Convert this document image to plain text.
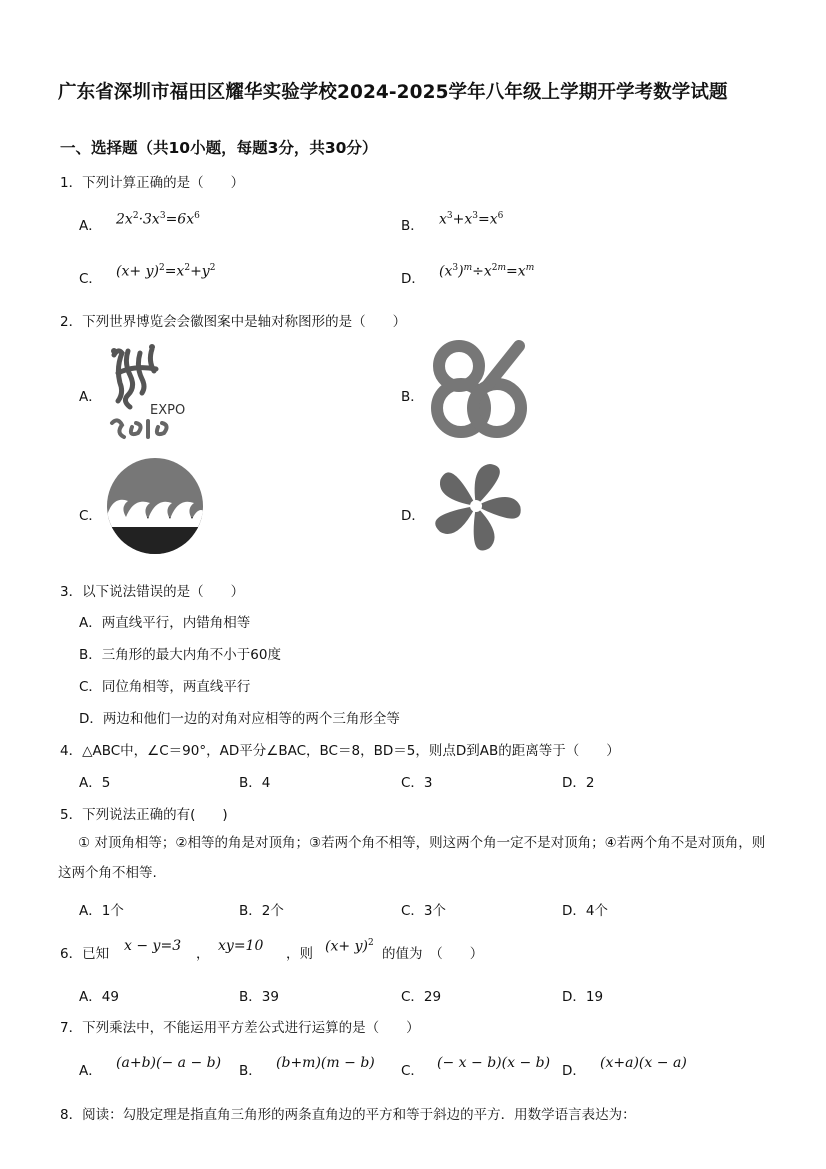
广东省深圳市福田区耀华实验学校2024-2025学年八年级上学期开学考数学试题
一、选择题（共10小题，每题3分，共30分）
1．下列计算正确的是（　　）
A． $2x^2\cdot 3x^3=6x^6$
B． $x^3+x^3=x^6$
C． $(x+ y)^2=x^2+y^2$
D． $(x^3)^m\div x^{2m}=x^m$
2．下列世界博览会会徽图案中是轴对称图形的是（　　）
A．	B．
C．	D．
EXPO
3．以下说法错误的是（　　）
A．两直线平行，内错角相等
B．三角形的最大内角不小于60度
C．同位角相等，两直线平行
D．两边和他们一边的对角对应相等的两个三角形全等
4．△ABC中，∠C＝90°，AD平分∠BAC，BC＝8，BD＝5，则点D到AB的距离等于（　　）
A．5	B．4	C．3	D．2
5．下列说法正确的有(　　)
① 对顶角相等；②相等的角是对顶角；③若两个角不相等，则这两个角一定不是对顶角；④若两个角不是对顶角，则这两个角不相等.
A．1个	B．2个	C．3个	D．4个
6．已知 x − y=3 ， xy=10 ，则 $(x+ y)^2$
的值为　（　　）
A．49	B．39	C．29	D．19
7．下列乘法中，不能运用平方差公式进行运算的是（　　）
A． (a+b)(− a − b) B． (b+m)(m − b) C． (− x − b)(x − b) D． (x+a)(x − a)
8．阅读：勾股定理是指直角三角形的两条直角边的平方和等于斜边的平方．用数学语言表达为：
